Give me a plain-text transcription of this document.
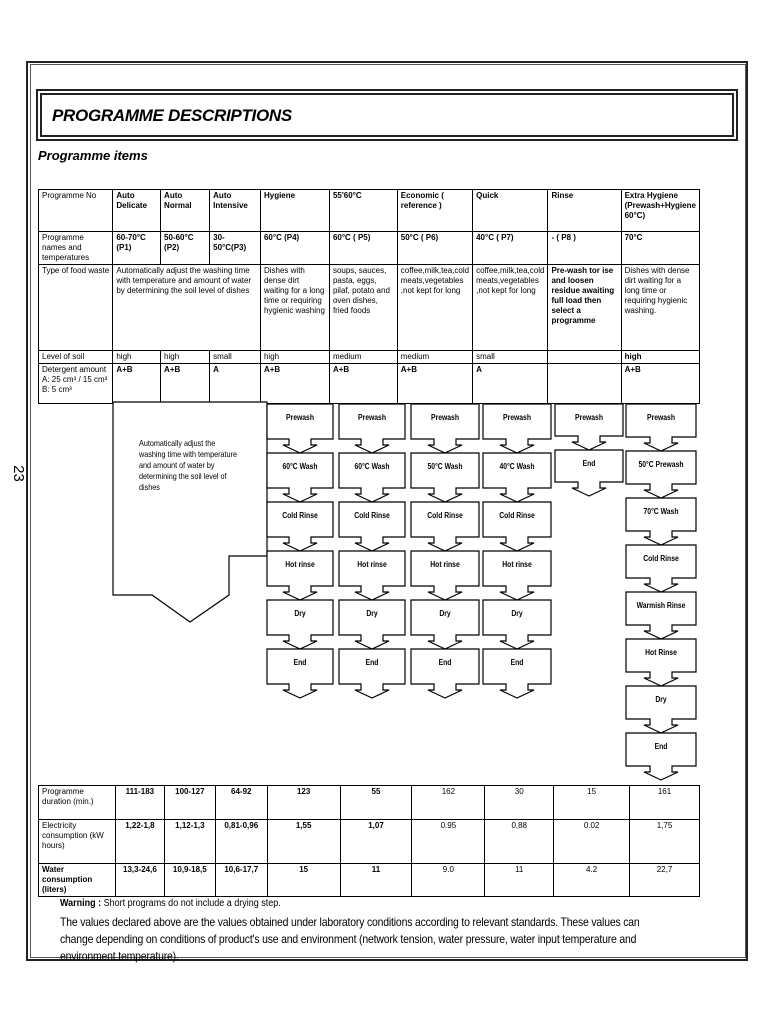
23
PROGRAMME DESCRIPTIONS
Programme items
Programme No	Auto Delicate	Auto Normal	Auto Intensive	Hygiene	55'60°C	Economic ( reference )	Quick	Rinse	Extra Hygiene (Prewash+Hygiene 60°C)
Programme names and temperatures	60-70°C (P1)	50-60°C (P2)	30-50°C(P3)	60°C (P4)	60°C ( P5)	50°C ( P6)	40°C ( P7)	- ( P8 )	70°C
Type of food waste	Automatically adjust the washing time with temperature and amount of water by determining the soil level of dishes			Dishes with dense dirt waiting for a long time or requiring hygienic washing	soups, sauces, pasta, eggs, pilaf, potato and oven dishes, fried foods	coffee,milk,tea,cold meats,vegetables ,not kept for long	coffee,milk,tea,cold meats,vegetables ,not kept for long	Pre-wash tor ise and loosen residue awaiting full load then select a programme	Dishes with dense dirt waiting for a long time or requiring hygienic washing.
Level of soil	high	high	small	high	medium	medium	small		high

Detergent amount
A: 25 cm³ / 15 cm³
B: 5 cm³	A+B	A+B	A	A+B	A+B	A+B	A		A+B
Automatically adjust the washing time with temperature and amount of water by determining the soil level of dishes
Prewash
60°C Wash
Cold Rinse
Hot rinse
Dry
End
Prewash
60°C Wash
Cold Rinse
Hot rinse
Dry
End
Prewash
50°C Wash
Cold Rinse
Hot rinse
Dry
End
Prewash
40°C Wash
Cold Rinse
Hot rinse
Dry
End
Prewash
End
Prewash
50°C Prewash
70°C Wash
Cold Rinse
Warmish Rinse
Hot Rinse
Dry
End
Programme duration (min.)	111-183	100-127	64-92	123	55	162	30	15	161
Electricity consumption (kW hours)	1,22-1,8	1,12-1,3	0,81-0,96	1,55	1,07	0.95	0,88	0.02	1,75
Water consumption (liters)	13,3-24,6	10,9-18,5	10,6-17,7	15	11	9.0	11	4.2	22,7
Warning : Short programs do not include a drying step.
The values declared above are the values obtained under laboratory conditions according to relevant standards. These values can change depending on conditions of product's use and environment (network tension, water pressure, water input temperature and environment temperature).
